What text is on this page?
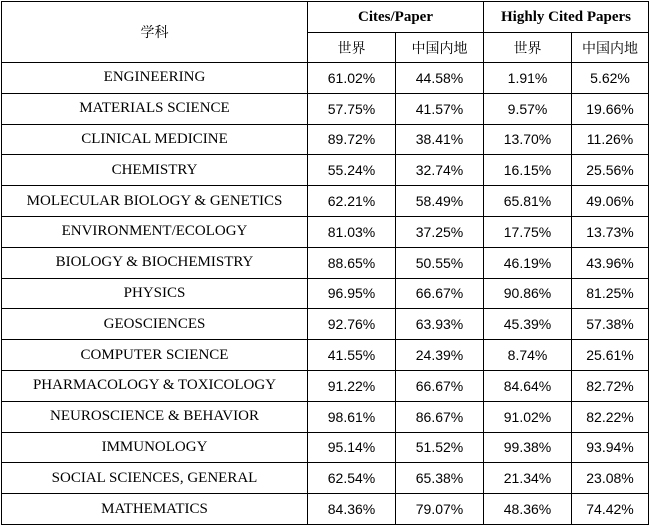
学科	Cites/Paper		Highly Cited Papers	
	世界	中国内地	世界	中国内地
ENGINEERING	61.02%	44.58%	1.91%	5.62%
MATERIALS SCIENCE	57.75%	41.57%	9.57%	19.66%
CLINICAL MEDICINE	89.72%	38.41%	13.70%	11.26%
CHEMISTRY	55.24%	32.74%	16.15%	25.56%
MOLECULAR BIOLOGY & GENETICS	62.21%	58.49%	65.81%	49.06%
ENVIRONMENT/ECOLOGY	81.03%	37.25%	17.75%	13.73%
BIOLOGY & BIOCHEMISTRY	88.65%	50.55%	46.19%	43.96%
PHYSICS	96.95%	66.67%	90.86%	81.25%
GEOSCIENCES	92.76%	63.93%	45.39%	57.38%
COMPUTER SCIENCE	41.55%	24.39%	8.74%	25.61%
PHARMACOLOGY & TOXICOLOGY	91.22%	66.67%	84.64%	82.72%
NEUROSCIENCE & BEHAVIOR	98.61%	86.67%	91.02%	82.22%
IMMUNOLOGY	95.14%	51.52%	99.38%	93.94%
SOCIAL SCIENCES, GENERAL	62.54%	65.38%	21.34%	23.08%
MATHEMATICS	84.36%	79.07%	48.36%	74.42%
